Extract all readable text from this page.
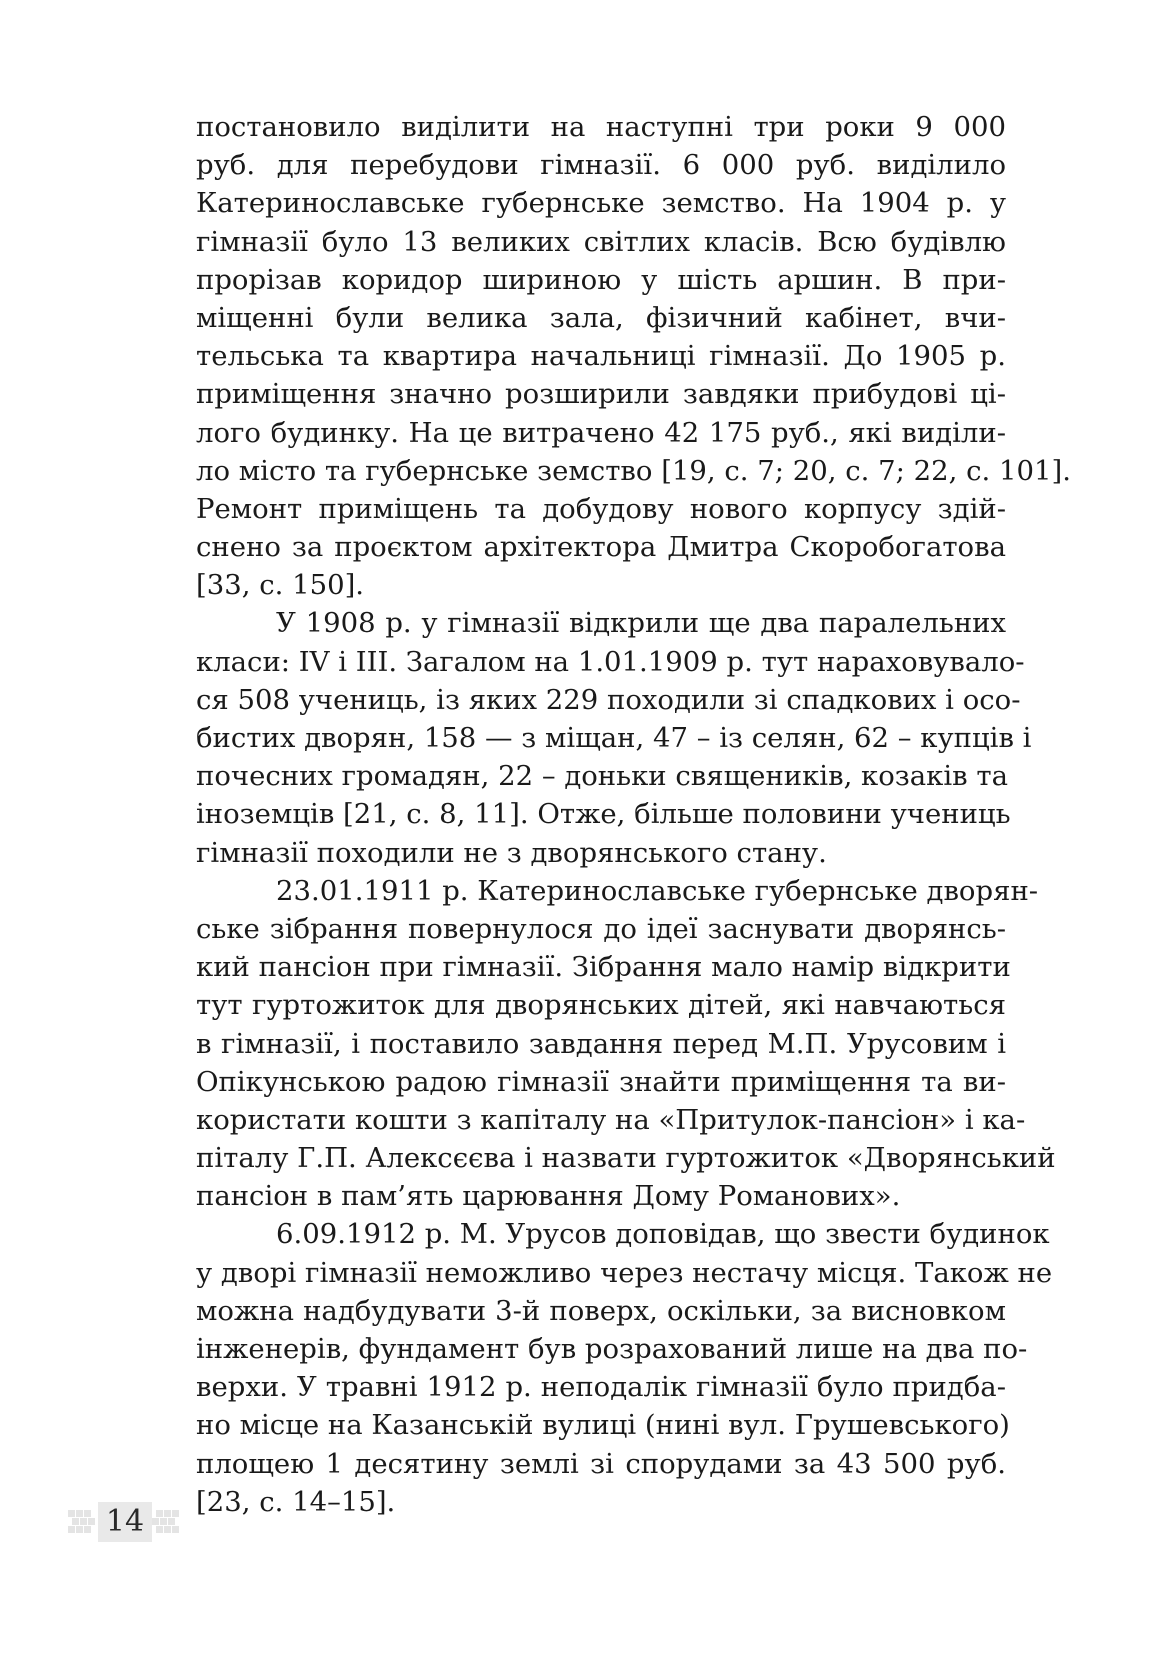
постановило виділити на наступні три роки 9 000
руб. для перебудови гімназії. 6 000 руб. виділило
Катеринославське губернське земство. На 1904 р. у
гімназії було 13 великих світлих класів. Всю будівлю
прорізав коридор шириною у шість аршин. В при-
міщенні були велика зала, фізичний кабінет, вчи-
тельська та квартира начальниці гімназії. До 1905 р.
приміщення значно розширили завдяки прибудові ці-
лого будинку. На це витрачено 42 175 руб., які виділи-
ло місто та губернське земство [19, с. 7; 20, с. 7; 22, с. 101].
Ремонт приміщень та добудову нового корпусу здій-
снено за проєктом архітектора Дмитра Скоробогатова
[33, с. 150].
У 1908 р. у гімназії відкрили ще два паралельних
класи: IV і III. Загалом на 1.01.1909 р. тут нараховувало-
ся 508 учениць, із яких 229 походили зі спадкових і осо-
бистих дворян, 158 — з міщан, 47 – із селян, 62 – купців і
почесних громадян, 22 – доньки священиків, козаків та
іноземців [21, с. 8, 11]. Отже, більше половини учениць
гімназії походили не з дворянського стану.
23.01.1911 р. Катеринославське губернське дворян-
ське зібрання повернулося до ідеї заснувати дворянсь-
кий пансіон при гімназії. Зібрання мало намір відкрити
тут гуртожиток для дворянських дітей, які навчаються
в гімназії, і поставило завдання перед М.П. Урусовим і
Опікунською радою гімназії знайти приміщення та ви-
користати кошти з капіталу на «Притулок-пансіон» і ка-
піталу Г.П. Алексєєва і назвати гуртожиток «Дворянський
пансіон в пам’ять царювання Дому Романових».
6.09.1912 р. М. Урусов доповідав, що звести будинок
у дворі гімназії неможливо через нестачу місця. Також не
можна надбудувати 3-й поверх, оскільки, за висновком
інженерів, фундамент був розрахований лише на два по-
верхи. У травні 1912 р. неподалік гімназії було придба-
но місце на Казанській вулиці (нині вул. Грушевського)
площею 1 десятину землі зі спорудами за 43 500 руб.
[23, с. 14–15].
14
